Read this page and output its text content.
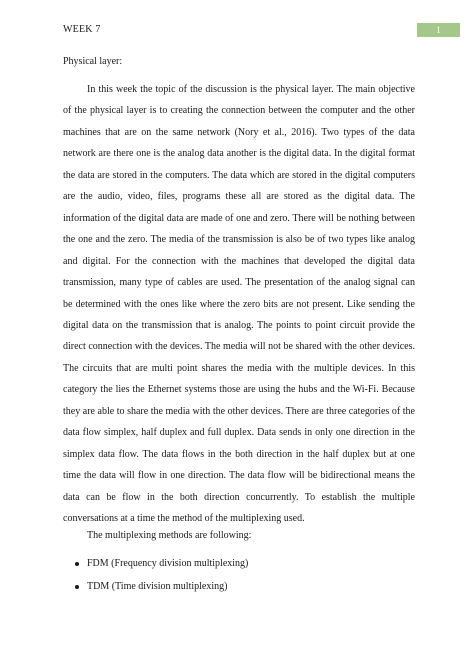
WEEK 7	1
Physical layer:
In this week the topic of the discussion is the physical layer. The main objective of the physical layer is to creating the connection between the computer and the other machines that are on the same network (Nory et al., 2016). Two types of the data network are there one is the analog data another is the digital data. In the digital format the data are stored in the computers. The data which are stored in the digital computers are the audio, video, files, programs these all are stored as the digital data. The information of the digital data are made of one and zero. There will be nothing between the one and the zero. The media of the transmission is also be of two types like analog and digital. For the connection with the machines that developed the digital data transmission, many type of cables are used. The presentation of the analog signal can be determined with the ones like where the zero bits are not present. Like sending the digital data on the transmission that is analog. The points to point circuit provide the direct connection with the devices. The media will not be shared with the other devices. The circuits that are multi point shares the media with the multiple devices. In this category the lies the Ethernet systems those are using the hubs and the Wi-Fi. Because they are able to share the media with the other devices. There are three categories of the data flow simplex, half duplex and full duplex. Data sends in only one direction in the simplex data flow. The data flows in the both direction in the half duplex but at one time the data will flow in one direction. The data flow will be bidirectional means the data can be flow in the both direction concurrently. To establish the multiple conversations at a time the method of the multiplexing used.
The multiplexing methods are following:
FDM (Frequency division multiplexing)
TDM (Time division multiplexing)
